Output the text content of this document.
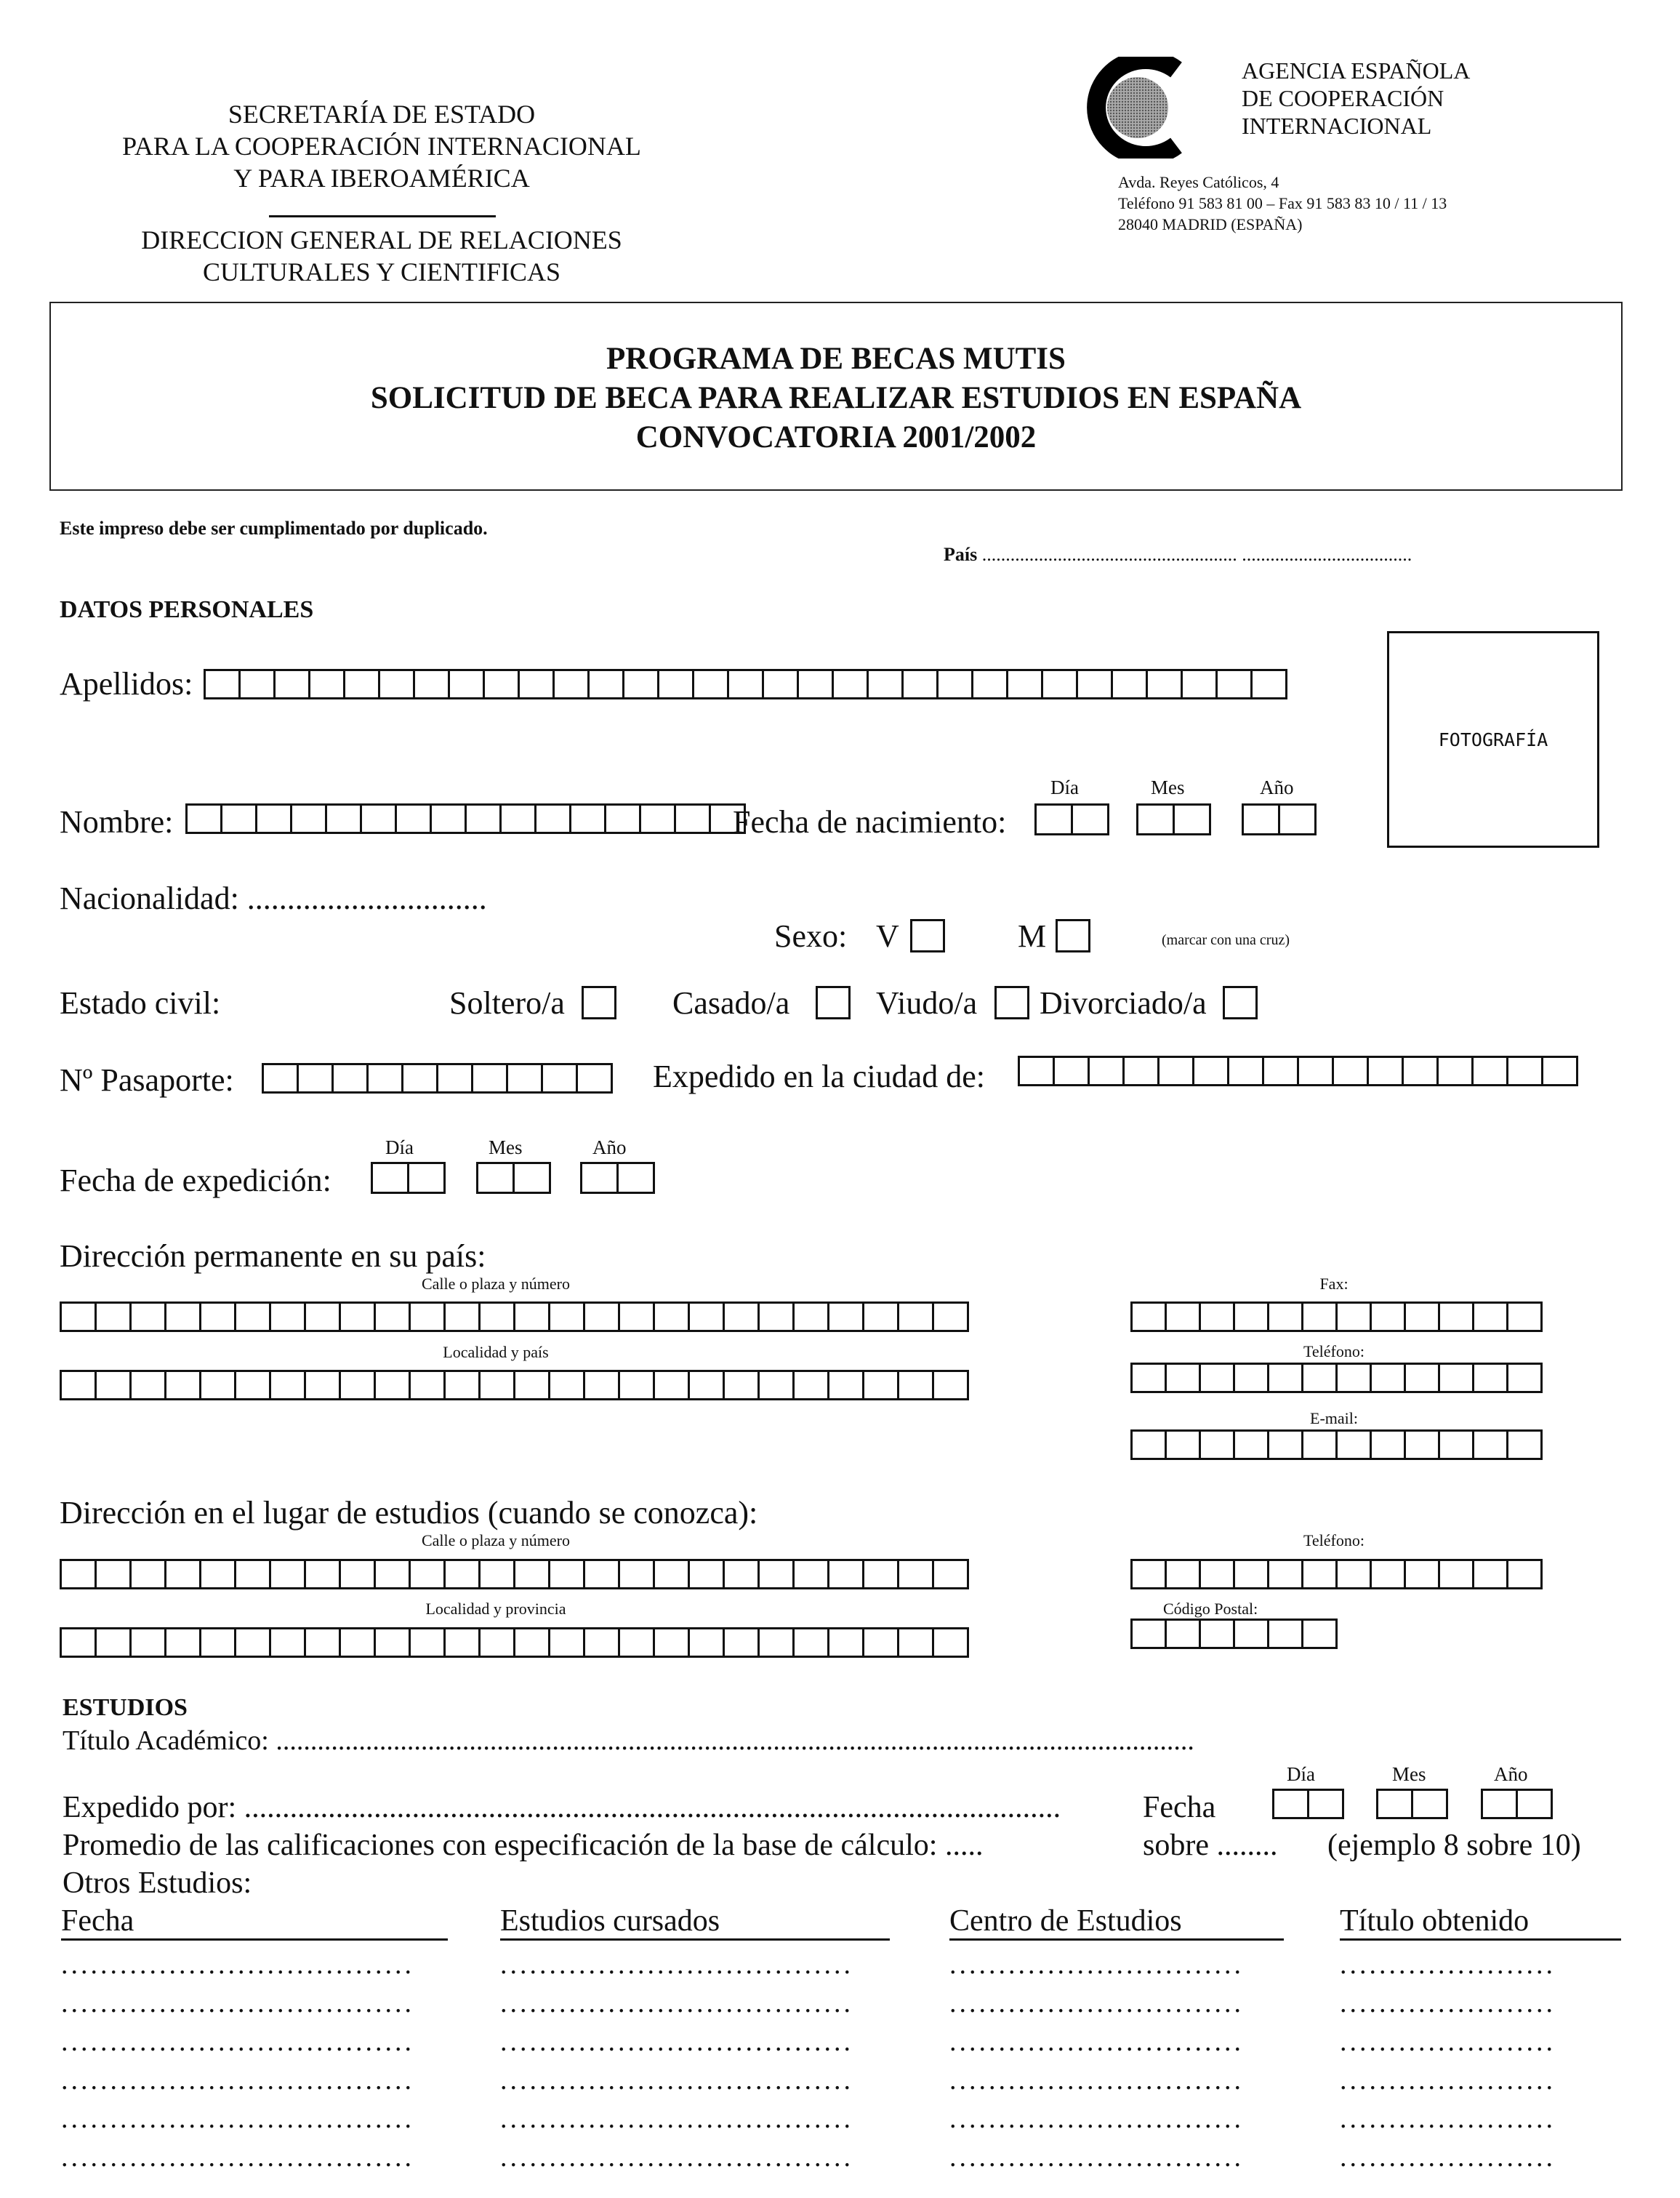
SECRETARÍA DE ESTADO
PARA LA COOPERACIÓN INTERNACIONAL
Y PARA IBEROAMÉRICA
DIRECCION GENERAL DE RELACIONES
CULTURALES Y CIENTIFICAS
AGENCIA ESPAÑOLA
DE COOPERACIÓN
INTERNACIONAL
Avda. Reyes Católicos, 4
Teléfono 91 583 81 00 – Fax 91 583 83 10 / 11 / 13
28040 MADRID (ESPAÑA)
PROGRAMA DE BECAS MUTIS
SOLICITUD DE BECA PARA REALIZAR ESTUDIOS EN ESPAÑA
CONVOCATORIA 2001/2002
Este impreso debe ser cumplimentado por duplicado.
País ...................................................... ....................................
DATOS PERSONALES
Apellidos:
FOTOGRAFÍA
Nombre:	Fecha de nacimiento:
Día	Mes	Año
Nacionalidad: ..............................
Sexo: V	M	(marcar con una cruz)
Estado civil:	Soltero/a	Casado/a	Viudo/a Divorciado/a
Nº Pasaporte:	Expedido en la ciudad de:
Día	Mes	Año
Fecha de expedición:
Dirección permanente en su país:
Calle o plaza y número
Localidad y país
Fax:
Teléfono:
E-mail:
Dirección en el lugar de estudios (cuando se conozca):
Calle o plaza y número
Localidad y provincia
Teléfono:
Código Postal:
ESTUDIOS
Título Académico: .....................................................................................................................................
Día	Mes	Año
Expedido por: ...........................................................................................................	Fecha
Promedio de las calificaciones con especificación de la base de cálculo: .....	sobre ........ (ejemplo 8 sobre 10)
Otros Estudios:
Fecha	Estudios cursados	Centro de Estudios	Título obtenido
....................................	....................................	..............................	......................
....................................	....................................	..............................	......................
....................................	....................................	..............................	......................
....................................	....................................	..............................	......................
....................................	....................................	..............................	......................
....................................	....................................	..............................	......................
